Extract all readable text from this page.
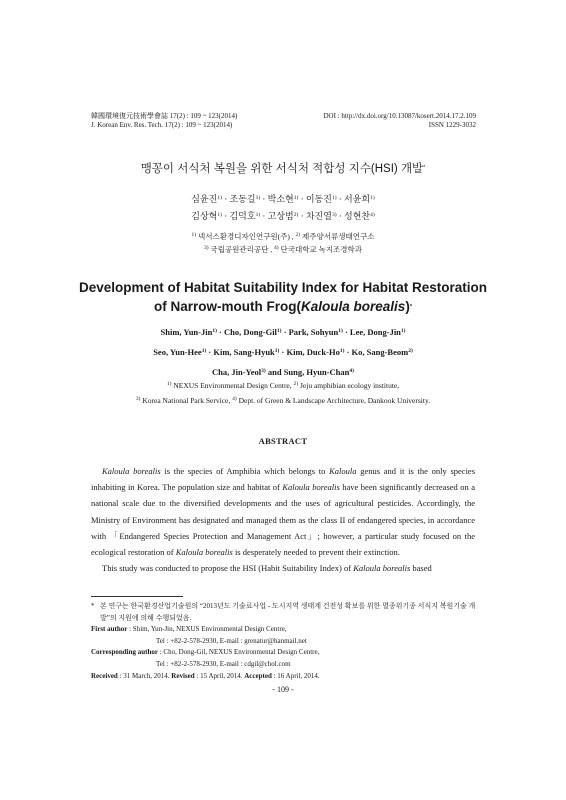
韓國環境復元技術學會誌 17(2) : 109 ~ 123(2014)
J. Korean Env. Res. Tech. 17(2) : 109 ~ 123(2014)
DOI : http://dx.doi.org/10.13087/kosert.2014.17.2.109
ISSN 1229-3032
맹꽁이 서식처 복원을 위한 서식처 적합성 지수(HSI) 개발*
심윤진$^{1)}$ · 조동길$^{1)}$ · 박소현$^{1)}$ · 이동진$^{1)}$ · 서윤희$^{1)}$
김상혁$^{1)}$ · 김덕호$^{1)}$ · 고상범$^{2)}$ · 차진열$^{3)}$ · 성현찬$^{4)}$
$^{1)}$ 넥서스환경디자인연구원(주) , $^{2)}$ 제주양서류생태연구소
$^{3)}$ 국립공원관리공단 , $^{4)}$ 단국대학교 녹지조경학과
Development of Habitat Suitability Index for Habitat Restoration
of Narrow-mouth Frog(Kaloula borealis)*
Shim, Yun-Jin$^{1)}$ · Cho, Dong-Gil$^{1)}$ · Park, Sohyun$^{1)}$ · Lee, Dong-Jin$^{1)}$
Seo, Yun-Hee$^{1)}$ · Kim, Sang-Hyuk$^{1)}$ · Kim, Duck-$Ho^{1)} \cdot Ko$, Sang-Beom$^{2)}$
Cha, Jin-Yeol$^{3)}$ and Sung, Hyun-Chan$^{4)}$
$^{1)}$ NEXUS Environmental Design Centre, $^{2)}$ Jeju amphibian ecology institute,
$^{3)}$ Korea National Park Service, $^{4)}$ Dept. of Green & Landscape Architecture, Dankook University.
ABSTRACT

Kaloula borealis is the species of Amphibia which belongs to Kaloula genus and it is the only species inhabiting in Korea. The population size and habitat of Kaloula borealis have been significantly decreased on a national scale due to the diversified developments and the uses of agricultural pesticides. Accordingly, the Ministry of Environment has designated and managed them as the class II of endangered species, in accordance with 「Endangered Species Protection and Management Act」; however, a particular study focused on the ecological restoration of Kaloula borealis is desperately needed to prevent their extinction.

This study was conducted to propose the HSI (Habit Suitability Index) of Kaloula borealis based

* 본 연구는 한국환경산업기술원의 “2013년도 기술료사업 - 도시지역 생태계 건전성 확보를 위한 멸종위기종 서식지 복원기술 개발”의 지원에 의해 수행되었음.
First author : Shim, Yun-Jin, NEXUS Environmental Design Centre,
Tel : +82-2-578-2930, E-mail : grenatur@hanmail.net
Corresponding author : Cho, Dong-Gil, NEXUS Environmental Design Centre,
Tel : +82-2-578-2930, E-mail : cdgil@chol.com
Received : 31 March, 2014. Revised : 15 April, 2014. Accepted : 16 April, 2014.
- 109 -
